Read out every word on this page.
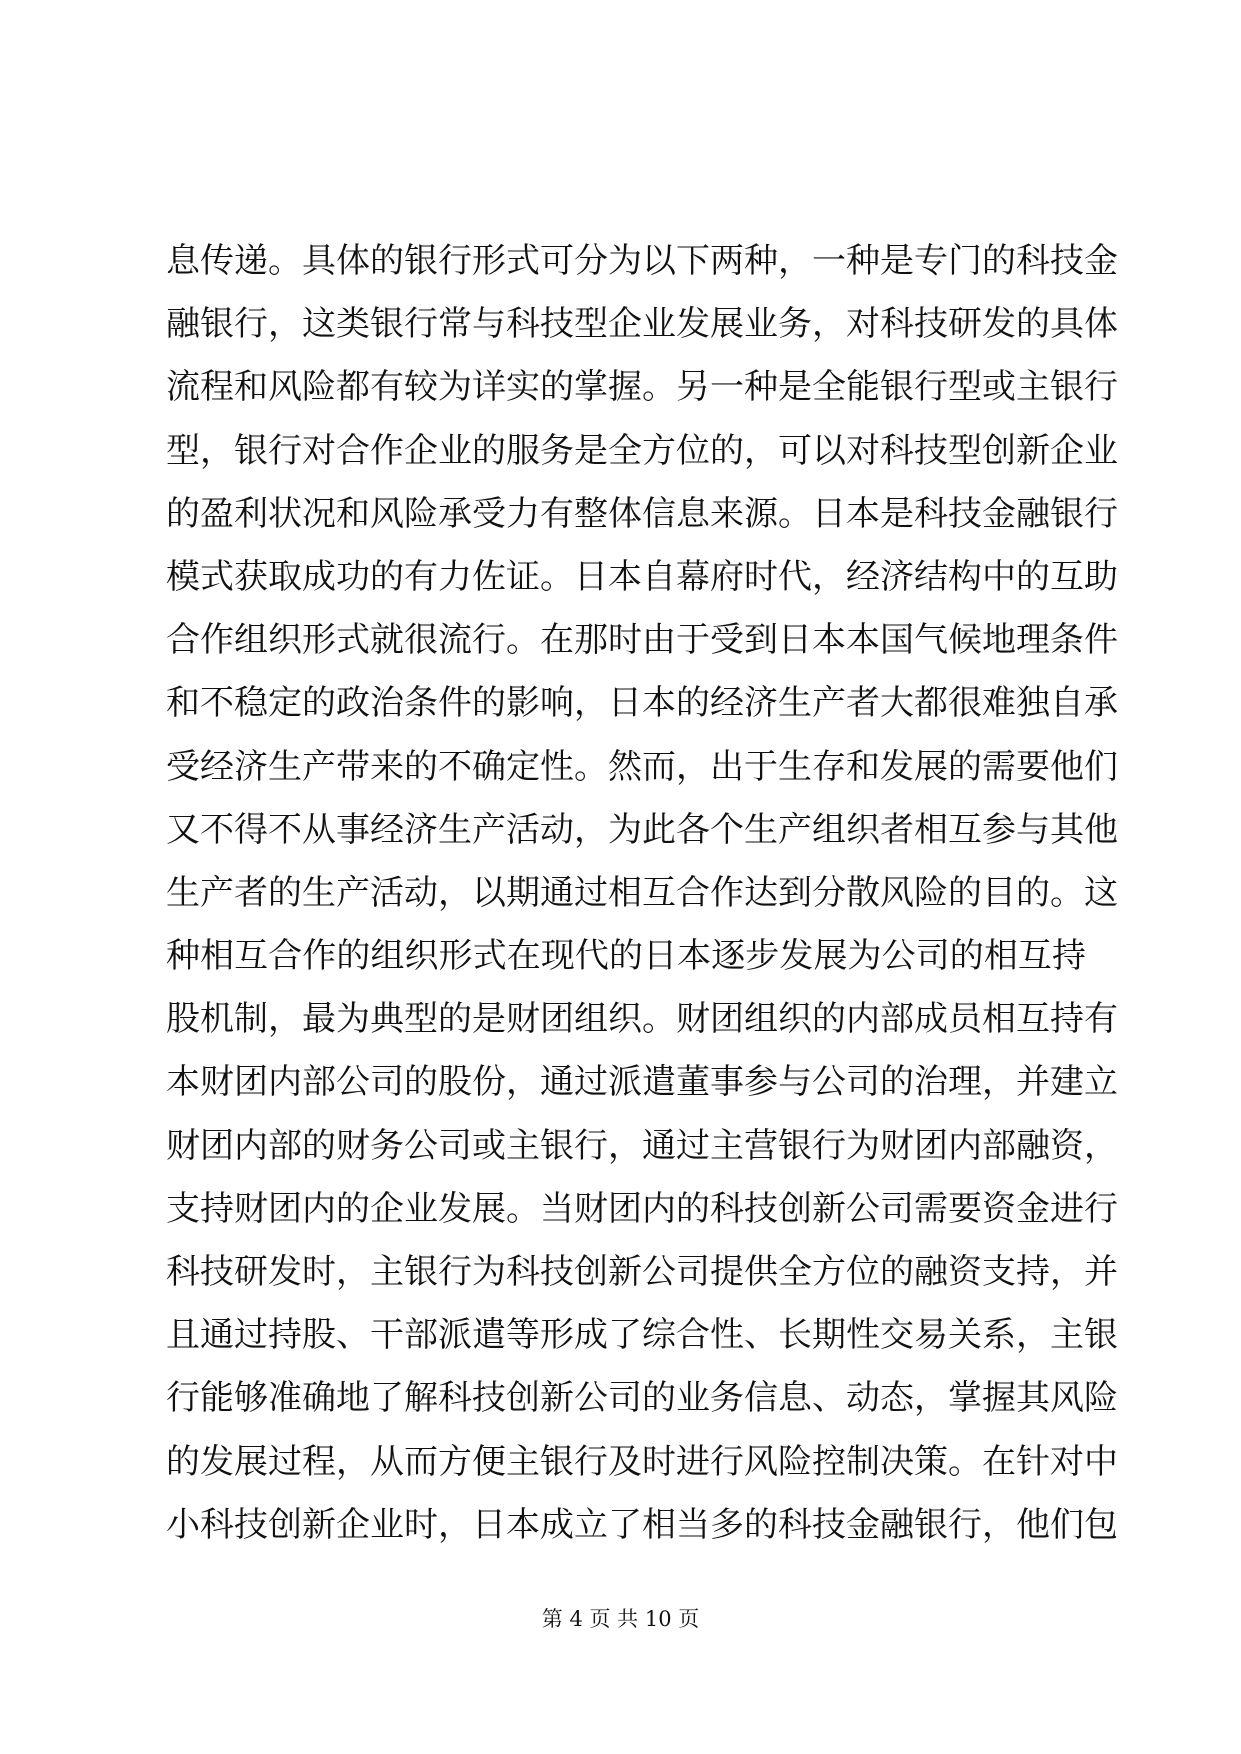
息传递。具体的银行形式可分为以下两种，一种是专门的科技金
融银行，这类银行常与科技型企业发展业务，对科技研发的具体
流程和风险都有较为详实的掌握。另一种是全能银行型或主银行
型，银行对合作企业的服务是全方位的，可以对科技型创新企业
的盈利状况和风险承受力有整体信息来源。日本是科技金融银行
模式获取成功的有力佐证。日本自幕府时代，经济结构中的互助
合作组织形式就很流行。在那时由于受到日本本国气候地理条件
和不稳定的政治条件的影响，日本的经济生产者大都很难独自承
受经济生产带来的不确定性。然而，出于生存和发展的需要他们
又不得不从事经济生产活动，为此各个生产组织者相互参与其他
生产者的生产活动，以期通过相互合作达到分散风险的目的。这
种相互合作的组织形式在现代的日本逐步发展为公司的相互持
股机制，最为典型的是财团组织。财团组织的内部成员相互持有
本财团内部公司的股份，通过派遣董事参与公司的治理，并建立
财团内部的财务公司或主银行，通过主营银行为财团内部融资，
支持财团内的企业发展。当财团内的科技创新公司需要资金进行
科技研发时，主银行为科技创新公司提供全方位的融资支持，并
且通过持股、干部派遣等形成了综合性、长期性交易关系，主银
行能够准确地了解科技创新公司的业务信息、动态，掌握其风险
的发展过程，从而方便主银行及时进行风险控制决策。在针对中
小科技创新企业时，日本成立了相当多的科技金融银行，他们包
第 4 页 共 10 页
